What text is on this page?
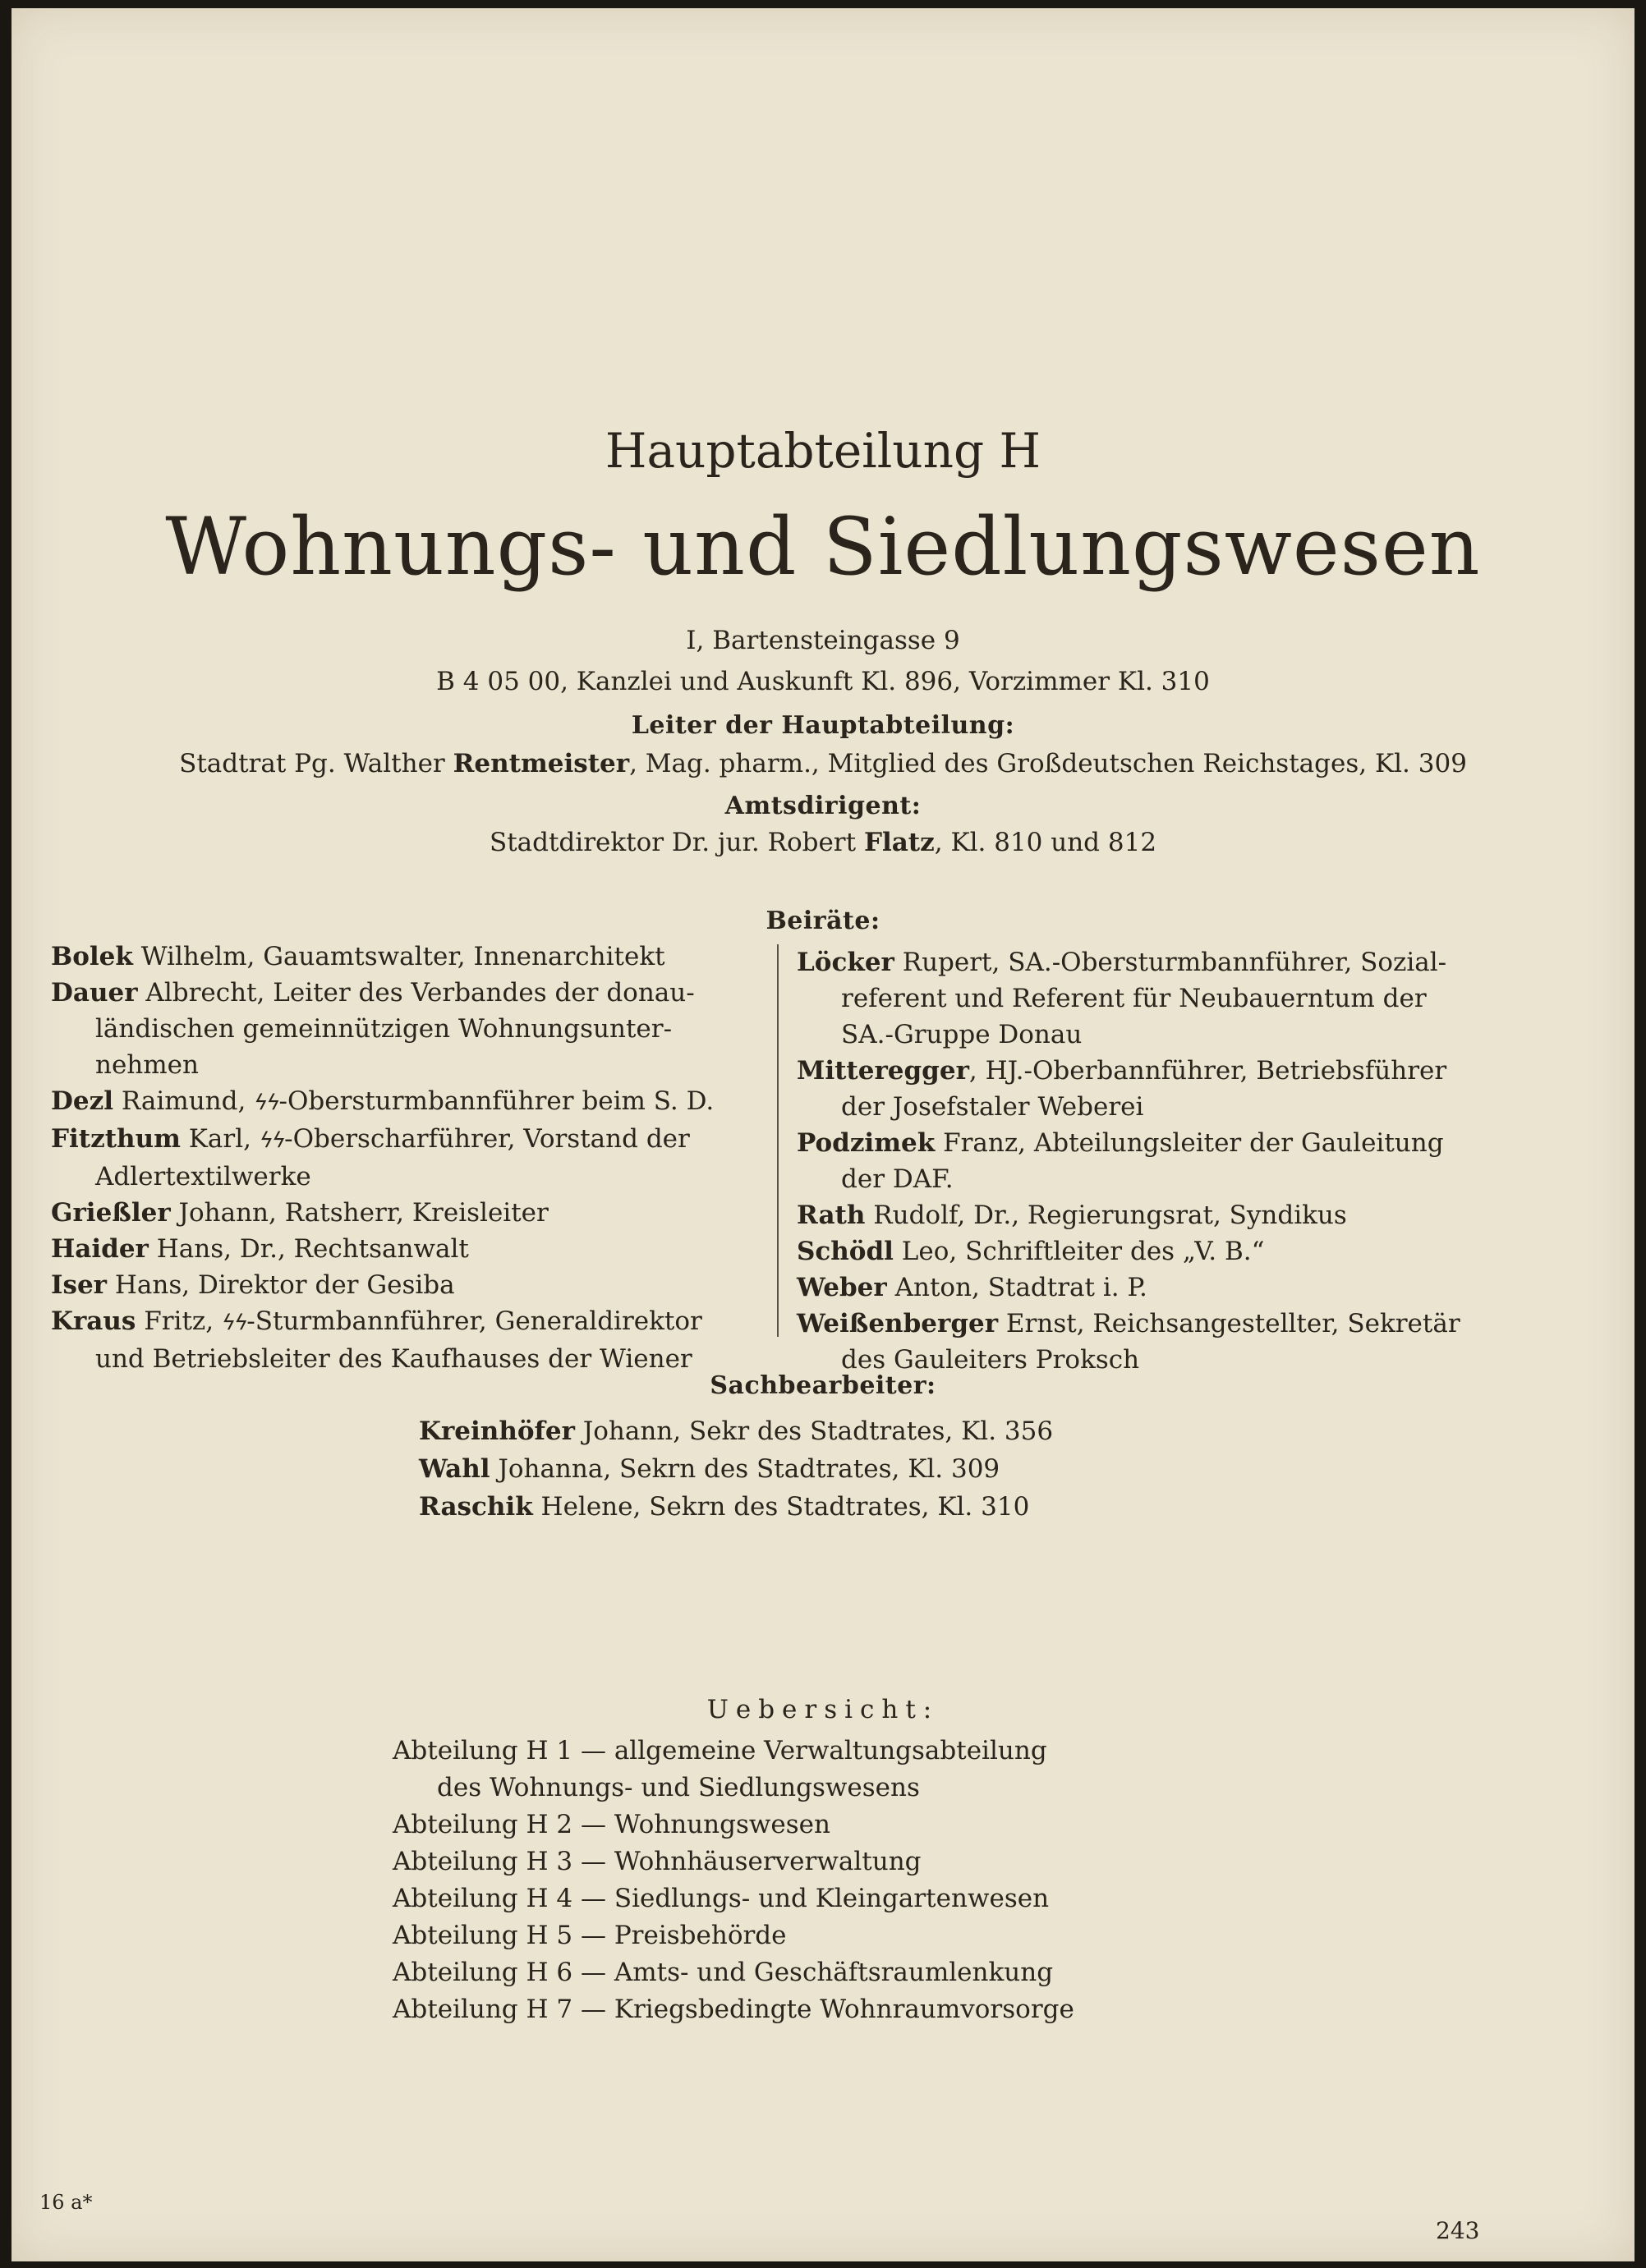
Hauptabteilung H
Wohnungs- und Siedlungswesen
I, Bartensteingasse 9
B 4 05 00, Kanzlei und Auskunft Kl. 896, Vorzimmer Kl. 310
Leiter der Hauptabteilung:
Stadtrat Pg. Walther Rentmeister, Mag. pharm., Mitglied des Großdeutschen Reichstages, Kl. 309
Amtsdirigent:
Stadtdirektor Dr. jur. Robert Flatz, Kl. 810 und 812
Beiräte:
Bolek Wilhelm, Gauamtswalter, Innenarchitekt
Dauer Albrecht, Leiter des Verbandes der donau-
ländischen gemeinnützigen Wohnungsunter-
nehmen
Dezl Raimund, ϟϟ-Obersturmbannführer beim S. D.
Fitzthum Karl, ϟϟ-Oberscharführer, Vorstand der
Adlertextilwerke
Grießler Johann, Ratsherr, Kreisleiter
Haider Hans, Dr., Rechtsanwalt
Iser Hans, Direktor der Gesiba
Kraus Fritz, ϟϟ-Sturmbannführer, Generaldirektor
und Betriebsleiter des Kaufhauses der Wiener
Löcker Rupert, SA.-Obersturmbannführer, Sozial-
referent und Referent für Neubauerntum der
SA.-Gruppe Donau
Mitteregger, HJ.-Oberbannführer, Betriebsführer
der Josefstaler Weberei
Podzimek Franz, Abteilungsleiter der Gauleitung
der DAF.
Rath Rudolf, Dr., Regierungsrat, Syndikus
Schödl Leo, Schriftleiter des „V. B.“
Weber Anton, Stadtrat i. P.
Weißenberger Ernst, Reichsangestellter, Sekretär
des Gauleiters Proksch
Sachbearbeiter:
Kreinhöfer Johann, Sekr des Stadtrates, Kl. 356
Wahl Johanna, Sekrn des Stadtrates, Kl. 309
Raschik Helene, Sekrn des Stadtrates, Kl. 310
Uebersicht:
Abteilung H 1 — allgemeine Verwaltungsabteilung
des Wohnungs- und Siedlungswesens
Abteilung H 2 — Wohnungswesen
Abteilung H 3 — Wohnhäuserverwaltung
Abteilung H 4 — Siedlungs- und Kleingartenwesen
Abteilung H 5 — Preisbehörde
Abteilung H 6 — Amts- und Geschäftsraumlenkung
Abteilung H 7 — Kriegsbedingte Wohnraumvorsorge
16 a*
243
